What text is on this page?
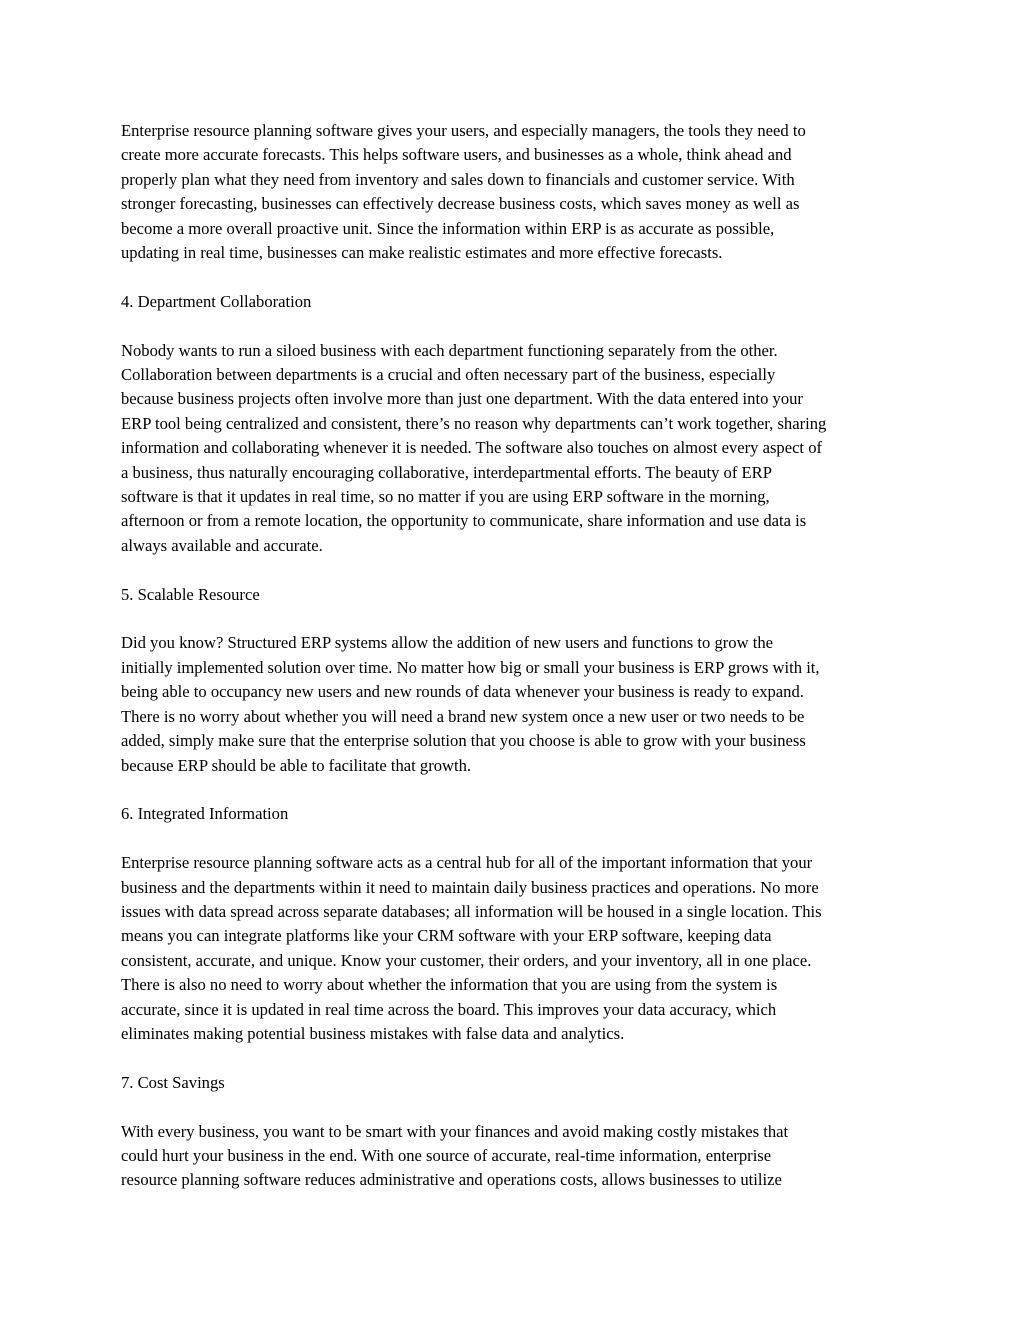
Enterprise resource planning software gives your users, and especially managers, the tools they need to
create more accurate forecasts. This helps software users, and businesses as a whole, think ahead and
properly plan what they need from inventory and sales down to financials and customer service. With
stronger forecasting, businesses can effectively decrease business costs, which saves money as well as
become a more overall proactive unit. Since the information within ERP is as accurate as possible,
updating in real time, businesses can make realistic estimates and more effective forecasts.
4. Department Collaboration
Nobody wants to run a siloed business with each department functioning separately from the other.
Collaboration between departments is a crucial and often necessary part of the business, especially
because business projects often involve more than just one department. With the data entered into your
ERP tool being centralized and consistent, there’s no reason why departments can’t work together, sharing
information and collaborating whenever it is needed. The software also touches on almost every aspect of
a business, thus naturally encouraging collaborative, interdepartmental efforts. The beauty of ERP
software is that it updates in real time, so no matter if you are using ERP software in the morning,
afternoon or from a remote location, the opportunity to communicate, share information and use data is
always available and accurate.
5. Scalable Resource
Did you know? Structured ERP systems allow the addition of new users and functions to grow the
initially implemented solution over time. No matter how big or small your business is ERP grows with it,
being able to occupancy new users and new rounds of data whenever your business is ready to expand.
There is no worry about whether you will need a brand new system once a new user or two needs to be
added, simply make sure that the enterprise solution that you choose is able to grow with your business
because ERP should be able to facilitate that growth.
6. Integrated Information
Enterprise resource planning software acts as a central hub for all of the important information that your
business and the departments within it need to maintain daily business practices and operations. No more
issues with data spread across separate databases; all information will be housed in a single location. This
means you can integrate platforms like your CRM software with your ERP software, keeping data
consistent, accurate, and unique. Know your customer, their orders, and your inventory, all in one place.
There is also no need to worry about whether the information that you are using from the system is
accurate, since it is updated in real time across the board. This improves your data accuracy, which
eliminates making potential business mistakes with false data and analytics.
7. Cost Savings
With every business, you want to be smart with your finances and avoid making costly mistakes that
could hurt your business in the end. With one source of accurate, real-time information, enterprise
resource planning software reduces administrative and operations costs, allows businesses to utilize
